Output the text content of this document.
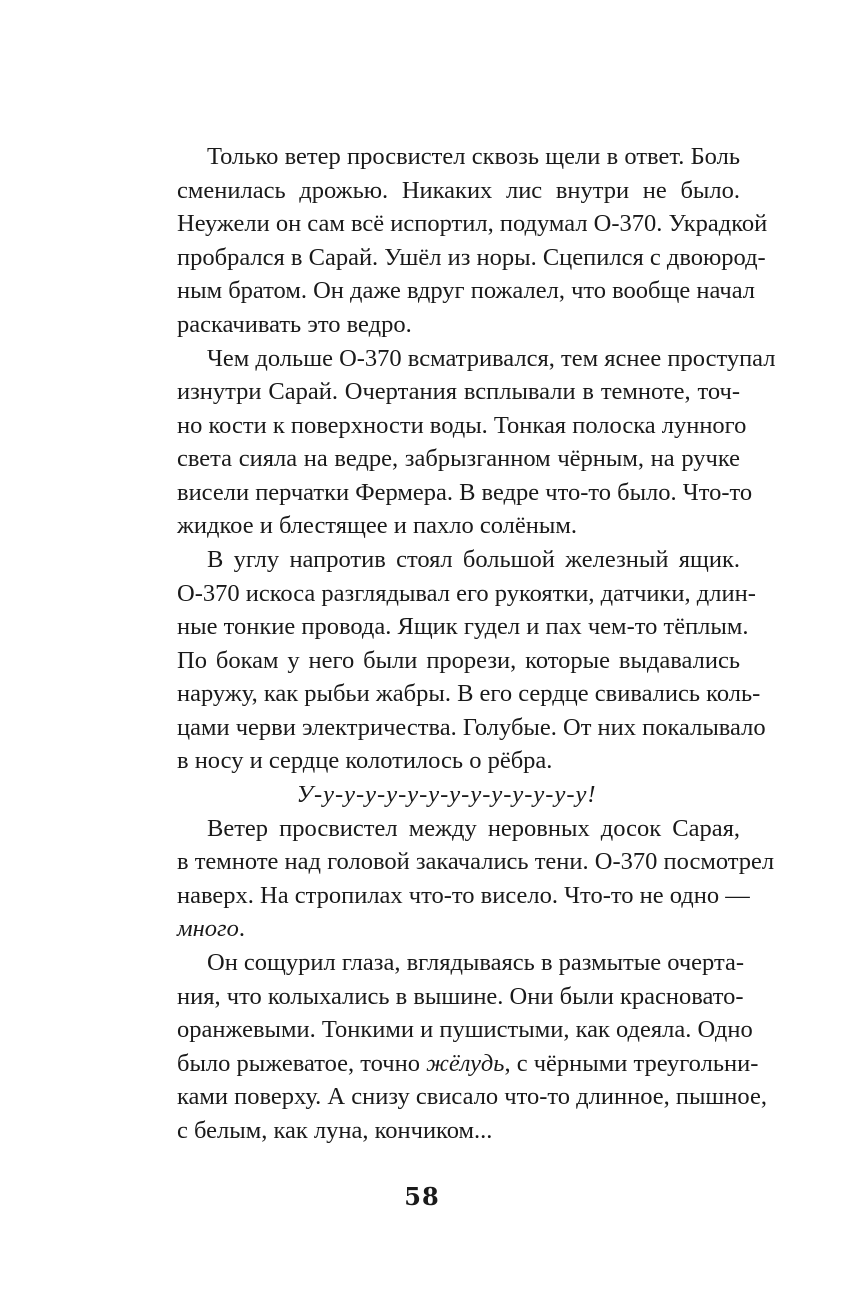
Только ветер просвистел сквозь щели в ответ. Боль
сменилась дрожью. Никаких лис внутри не было.
Неужели он сам всё испортил, подумал О-370. Украдкой
пробрался в Сарай. Ушёл из норы. Сцепился с двоюрод-
ным братом. Он даже вдруг пожалел, что вообще начал
раскачивать это ведро.
Чем дольше О-370 всматривался, тем яснее проступал
изнутри Сарай. Очертания всплывали в темноте, точ-
но кости к поверхности воды. Тонкая полоска лунного
света сияла на ведре, забрызганном чёрным, на ручке
висели перчатки Фермера. В ведре что-то было. Что-то
жидкое и блестящее и пахло солёным.
В углу напротив стоял большой железный ящик.
О-370 искоса разглядывал его рукоятки, датчики, длин-
ные тонкие провода. Ящик гудел и пах чем-то тёплым.
По бокам у него были прорези, которые выдавались
наружу, как рыбьи жабры. В его сердце свивались коль-
цами черви электричества. Голубые. От них покалывало
в носу и сердце колотилось о рёбра.
У-у-у-у-у-у-у-у-у-у-у-у-у-у!
Ветер просвистел между неровных досок Сарая,
в темноте над головой закачались тени. О-370 посмотрел
наверх. На стропилах что-то висело. Что-то не одно —
много.
Он сощурил глаза, вглядываясь в размытые очерта-
ния, что колыхались в вышине. Они были красновато-
оранжевыми. Тонкими и пушистыми, как одеяла. Одно
было рыжеватое, точно жёлудь, с чёрными треугольни-
ками поверху. А снизу свисало что-то длинное, пышное,
с белым, как луна, кончиком...
58
